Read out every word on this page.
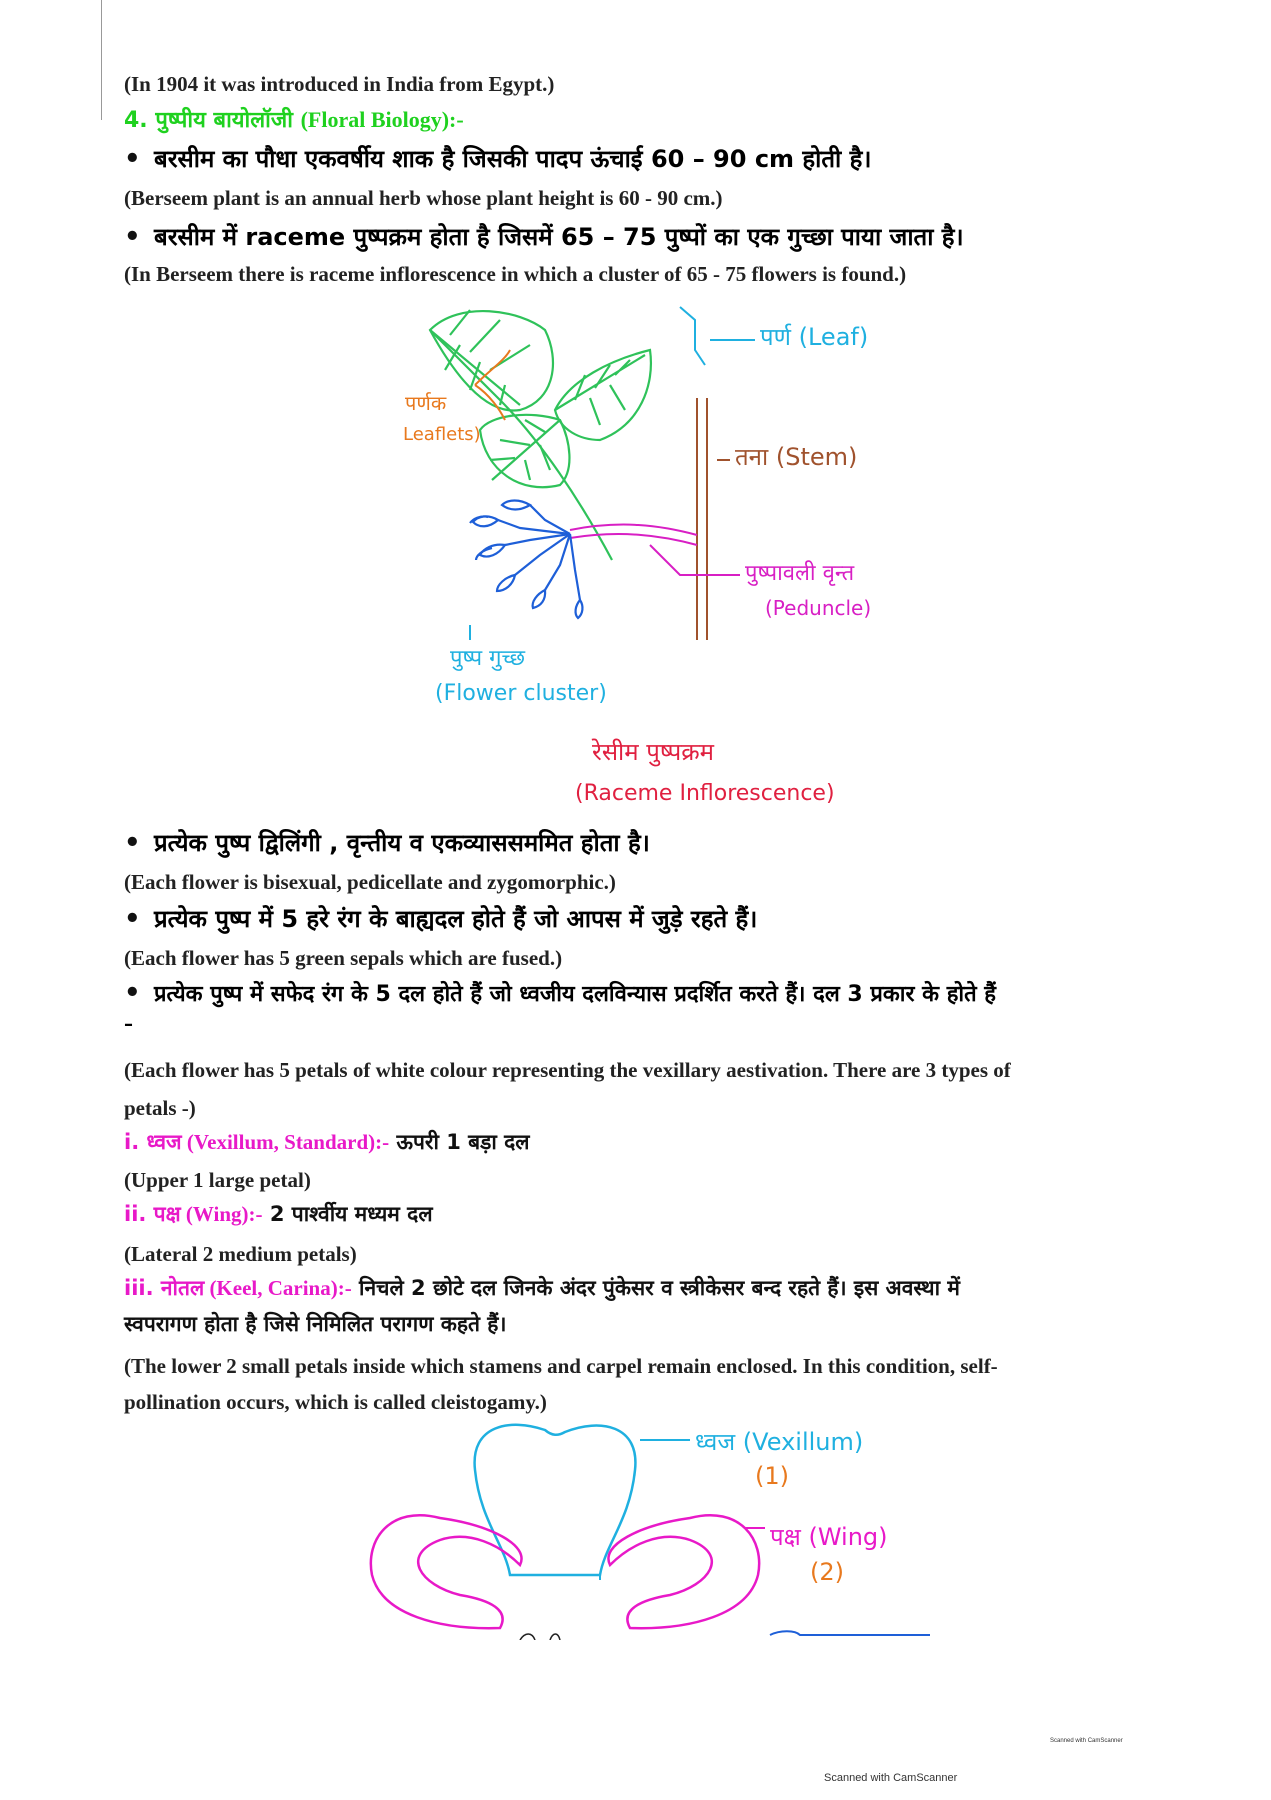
(In 1904 it was introduced in India from Egypt.)
4. पुष्पीय बायोलॉजी (Floral Biology):-
• बरसीम का पौधा एकवर्षीय शाक है जिसकी पादप ऊंचाई 60 – 90 cm होती है।
(Berseem plant is an annual herb whose plant height is 60 - 90 cm.)
• बरसीम में raceme पुष्पक्रम होता है जिसमें 65 – 75 पुष्पों का एक गुच्छा पाया जाता है।
(In Berseem there is raceme inflorescence in which a cluster of 65 - 75 flowers is found.)
पर्ण (Leaf)
पर्णक
Leaflets)
तना (Stem)
पुष्पावली वृन्त
(Peduncle)
पुष्प गुच्छ
(Flower cluster)
रेसीम पुष्पक्रम
(Raceme Inflorescence)
• प्रत्येक पुष्प द्विलिंगी , वृन्तीय व एकव्याससममित होता है।
(Each flower is bisexual, pedicellate and zygomorphic.)
• प्रत्येक पुष्प में 5 हरे रंग के बाह्यदल होते हैं जो आपस में जुड़े रहते हैं।
(Each flower has 5 green sepals which are fused.)
• प्रत्येक पुष्प में सफेद रंग के 5 दल होते हैं जो ध्वजीय दलविन्यास प्रदर्शित करते हैं। दल 3 प्रकार के होते हैं
–
(Each flower has 5 petals of white colour representing the vexillary aestivation. There are 3 types of
petals -)
i. ध्वज (Vexillum, Standard):- ऊपरी 1 बड़ा दल
(Upper 1 large petal)
ii. पक्ष (Wing):- 2 पार्श्वीय मध्यम दल
(Lateral 2 medium petals)
iii. नोतल (Keel, Carina):- निचले 2 छोटे दल जिनके अंदर पुंकेसर व स्त्रीकेसर बन्द रहते हैं। इस अवस्था में
स्वपरागण होता है जिसे निमिलित परागण कहते हैं।
(The lower 2 small petals inside which stamens and carpel remain enclosed. In this condition, self-
pollination occurs, which is called cleistogamy.)
ध्वज (Vexillum)
(1)
पक्ष (Wing)
(2)
Scanned with CamScanner
Scanned with CamScanner
